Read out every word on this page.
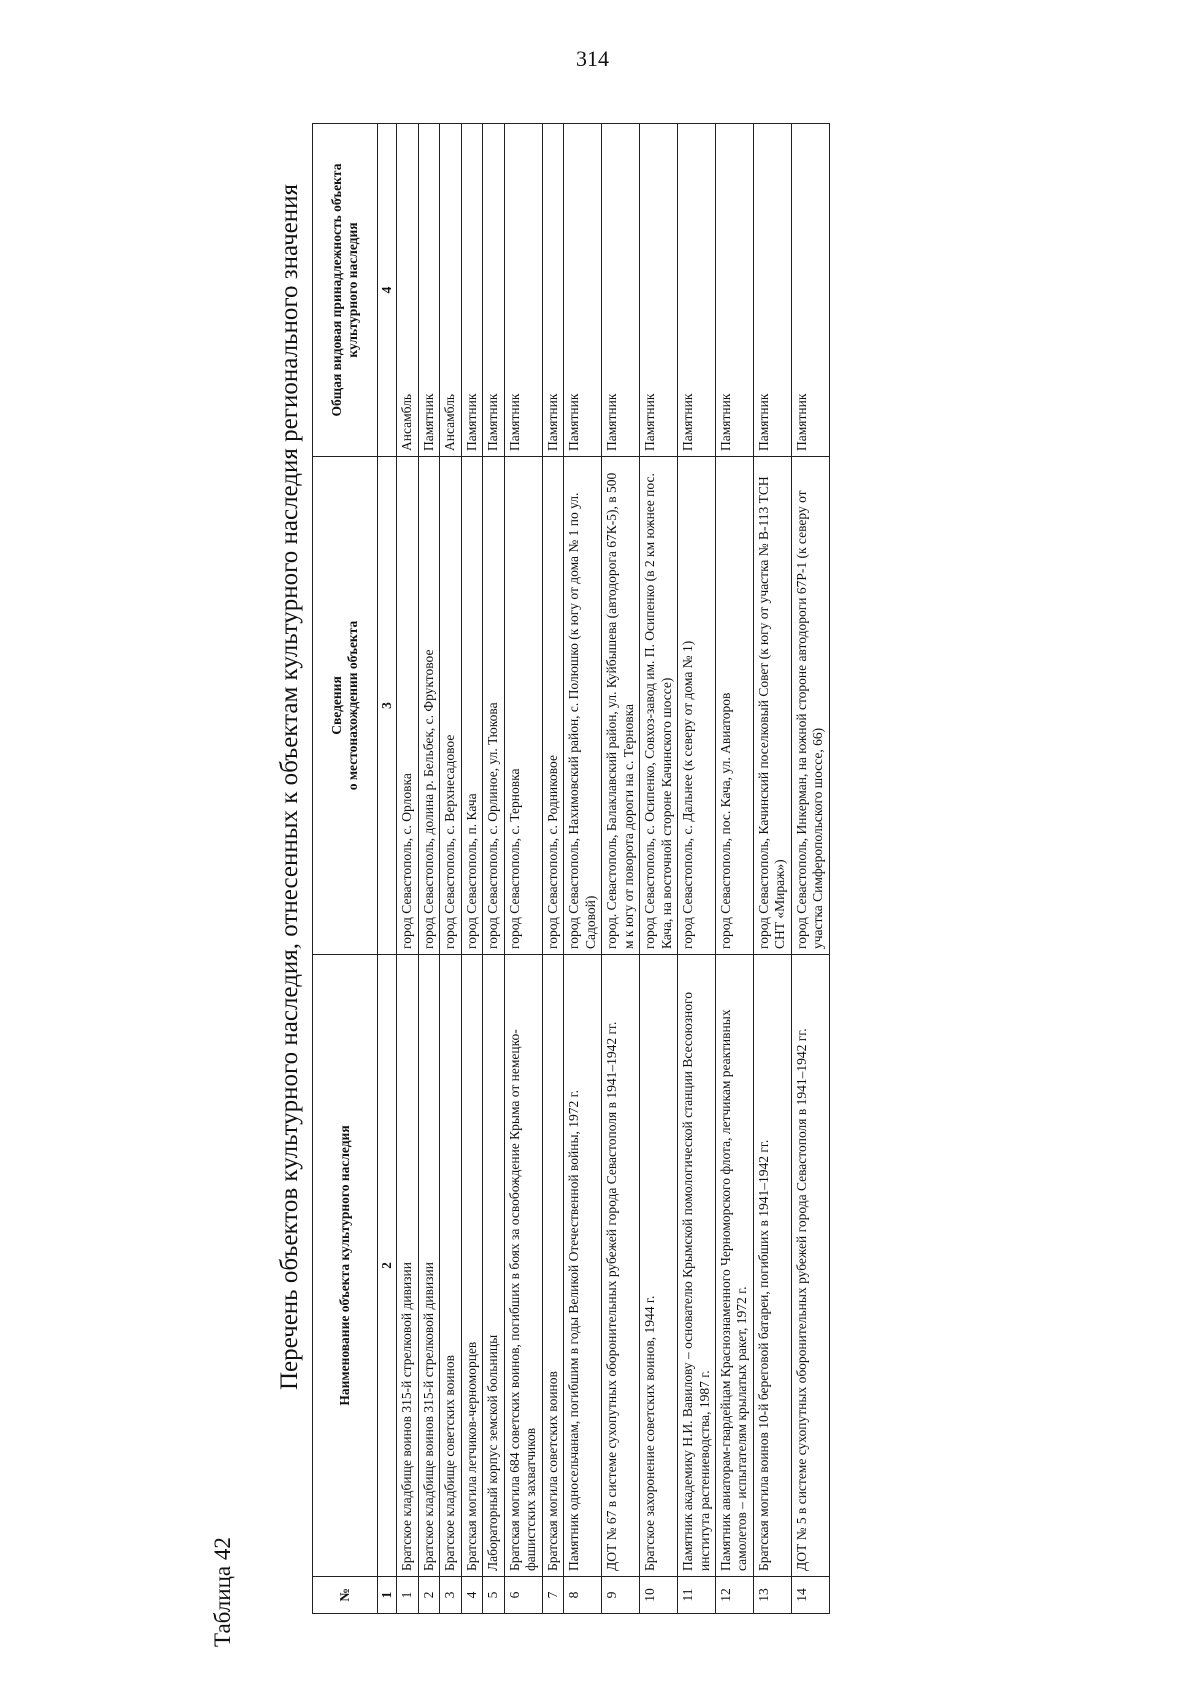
314
Таблица 42
Перечень объектов культурного наследия, отнесенных к объектам культурного наследия регионального значения
№	Наименование объекта культурного наследия	Сведения о местонахождении объекта	Общая видовая принадлежность объекта культурного наследия
1	2	3	4
1	Братское кладбище воинов 315-й стрелковой дивизии	город Севастополь, с. Орловка	Ансамбль
2	Братское кладбище воинов 315-й стрелковой дивизии	город Севастополь, долина р. Бельбек, с. Фруктовое	Памятник
3	Братское кладбище советских воинов	город Севастополь, с. Верхнесадовое	Ансамбль
4	Братская могила летчиков-черноморцев	город Севастополь, п. Кача	Памятник
5	Лабораторный корпус земской больницы	город Севастополь, с. Орлиное, ул. Тюкова	Памятник
6	Братская могила 684 советских воинов, погибших в боях за освобождение Крыма от немецко-фашистских захватчиков	город Севастополь, с. Терновка	Памятник
7	Братская могила советских воинов	город Севастополь, с. Родниковое	Памятник
8	Памятник односельчанам, погибшим в годы Великой Отечественной войны, 1972 г.	город Севастополь, Нахимовский район, с. Полюшко (к югу от дома № 1 по ул. Садовой)	Памятник
9	ДОТ № 67 в системе сухопутных оборонительных рубежей города Севастополя в 1941–1942 гг.	город. Севастополь, Балаклавский район, ул. Куйбышева (автодорога 67К-5), в 500 м к югу от поворота дороги на с. Терновка	Памятник
10	Братское захоронение советских воинов, 1944 г.	город Севастополь, с. Осипенко, Совхоз-завод им. П. Осипенко (в 2 км южнее пос. Кача, на восточной стороне Качинского шоссе)	Памятник
11	Памятник академику Н.И. Вавилову – основателю Крымской помологической станции Всесоюзного института растениеводства, 1987 г.	город Севастополь, с. Дальнее (к северу от дома № 1)	Памятник
12	Памятник авиаторам-гвардейцам Краснознаменного Черноморского флота, летчикам реактивных самолетов – испытателям крылатых ракет, 1972 г.	город Севастополь, пос. Кача, ул. Авиаторов	Памятник
13	Братская могила воинов 10-й береговой батареи, погибших в 1941–1942 гг.	город Севастополь, Качинский поселковый Совет (к югу от участка № В-113 ТСН СНТ «Мираж»)	Памятник
14	ДОТ № 5 в системе сухопутных оборонительных рубежей города Севастополя в 1941–1942 гг.	город Севастополь, Инкерман, на южной стороне автодороги 67Р-1 (к северу от участка Симферопольского шоссе, 66)	Памятник
